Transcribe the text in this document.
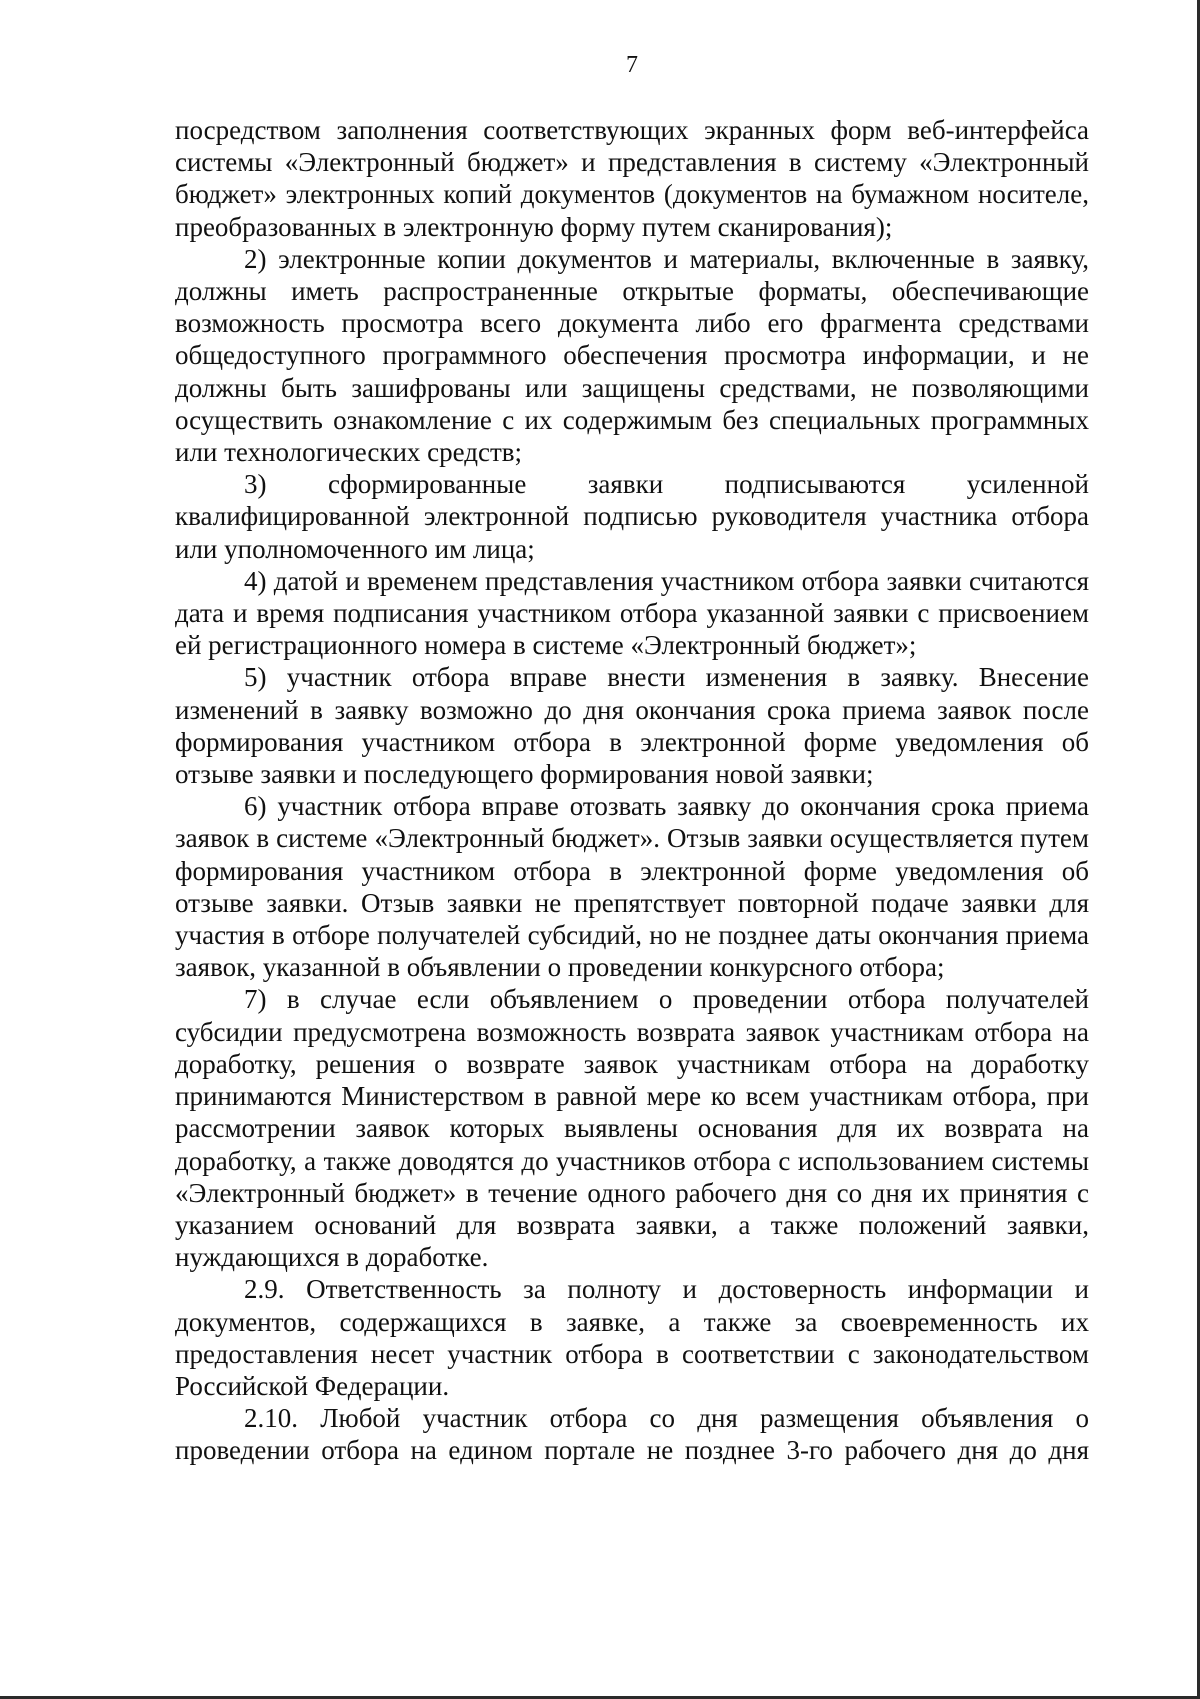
7

посредством заполнения соответствующих экранных форм веб-интерфейса системы «Электронный бюджет» и представления в систему «Электронный бюджет» электронных копий документов (документов на бумажном носителе, преобразованных в электронную форму путем сканирования);

2) электронные копии документов и материалы, включенные в заявку, должны иметь распространенные открытые форматы, обеспечивающие возможность просмотра всего документа либо его фрагмента средствами общедоступного программного обеспечения просмотра информации, и не должны быть зашифрованы или защищены средствами, не позволяющими осуществить ознакомление с их содержимым без специальных программных или технологических средств;

3) сформированные заявки подписываются усиленной квалифицированной электронной подписью руководителя участника отбора или уполномоченного им лица;

4) датой и временем представления участником отбора заявки считаются дата и время подписания участником отбора указанной заявки с присвоением ей регистрационного номера в системе «Электронный бюджет»;

5) участник отбора вправе внести изменения в заявку. Внесение изменений в заявку возможно до дня окончания срока приема заявок после формирования участником отбора в электронной форме уведомления об отзыве заявки и последующего формирования новой заявки;

6) участник отбора вправе отозвать заявку до окончания срока приема заявок в системе «Электронный бюджет». Отзыв заявки осуществляется путем формирования участником отбора в электронной форме уведомления об отзыве заявки. Отзыв заявки не препятствует повторной подаче заявки для участия в отборе получателей субсидий, но не позднее даты окончания приема заявок, указанной в объявлении о проведении конкурсного отбора;

7) в случае если объявлением о проведении отбора получателей субсидии предусмотрена возможность возврата заявок участникам отбора на доработку, решения о возврате заявок участникам отбора на доработку принимаются Министерством в равной мере ко всем участникам отбора, при рассмотрении заявок которых выявлены основания для их возврата на доработку, а также доводятся до участников отбора с использованием системы «Электронный бюджет» в течение одного рабочего дня со дня их принятия с указанием оснований для возврата заявки, а также положений заявки, нуждающихся в доработке.

2.9. Ответственность за полноту и достоверность информации и документов, содержащихся в заявке, а также за своевременность их предоставления несет участник отбора в соответствии с законодательством Российской Федерации.

2.10. Любой участник отбора со дня размещения объявления о проведении отбора на едином портале не позднее 3-го рабочего дня до дня
